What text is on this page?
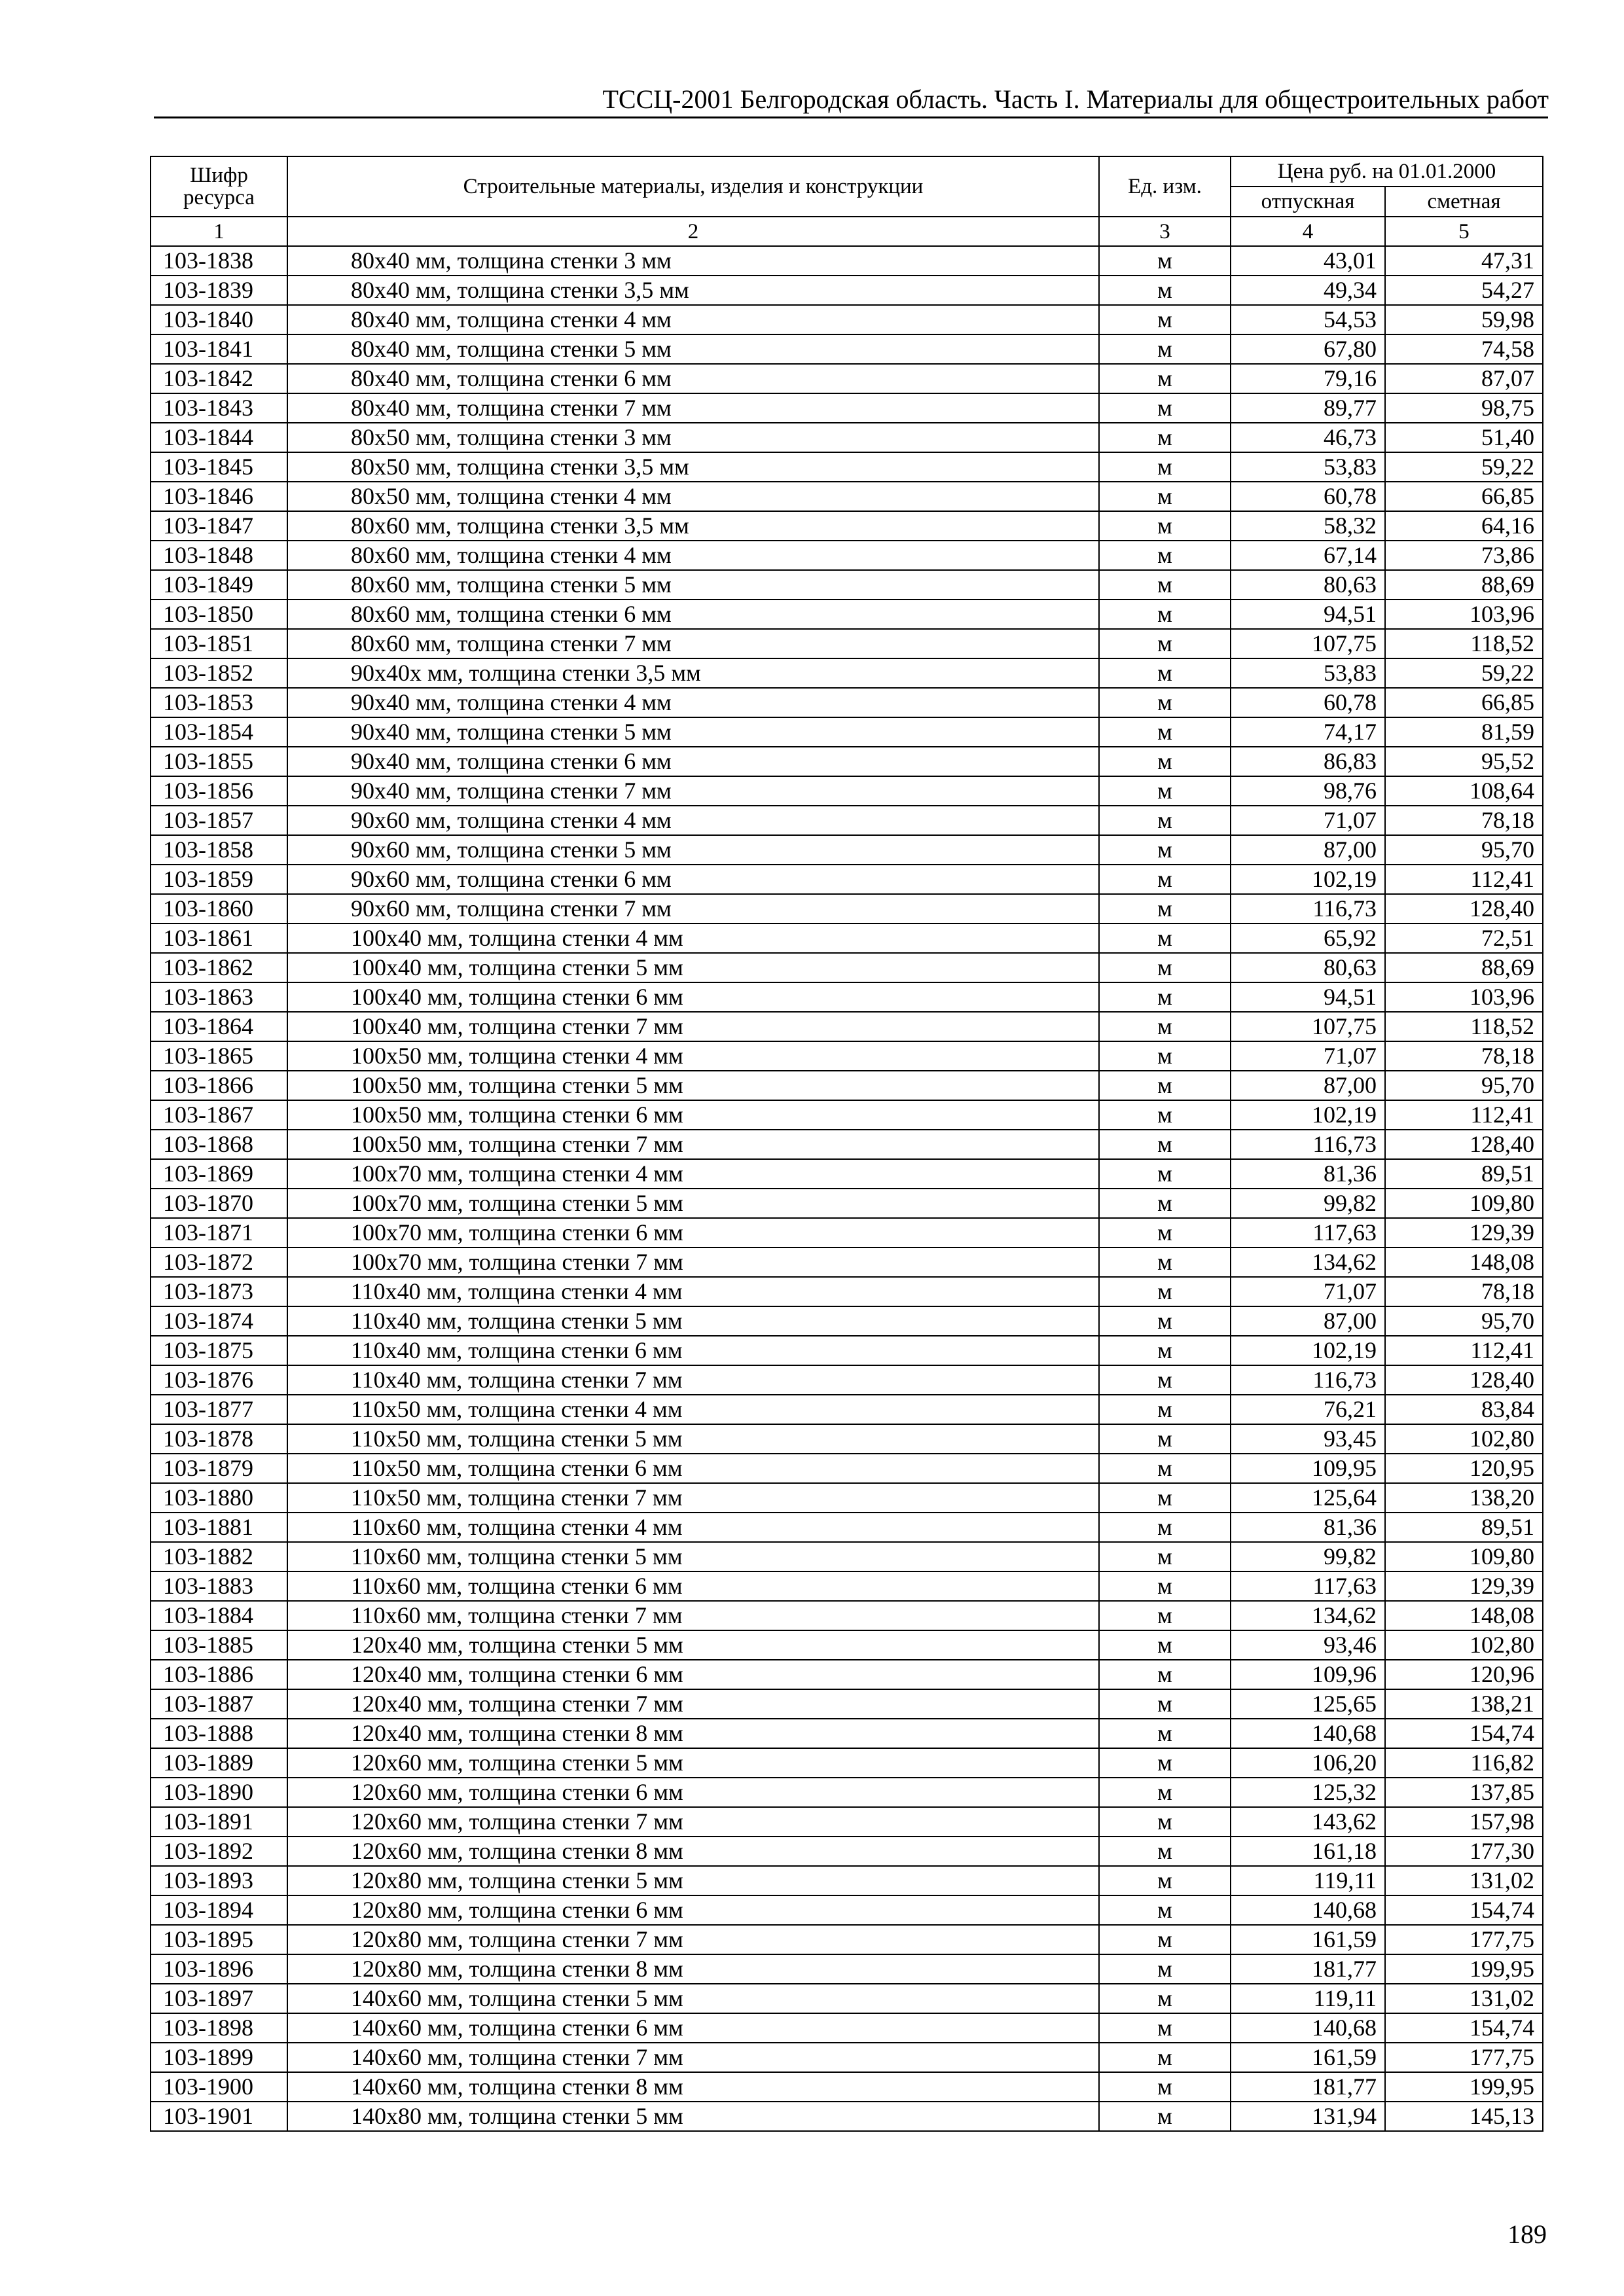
ТССЦ-2001 Белгородская область. Часть I. Материалы для общестроительных работ
Шифр ресурса	Строительные материалы, изделия и конструкции	Ед. изм.	Цена руб. на 01.01.2000	
			отпускная	сметная
1	2	3	4	5
103-1838	80х40 мм, толщина стенки 3 мм	м	43,01	47,31
103-1839	80х40 мм, толщина стенки 3,5 мм	м	49,34	54,27
103-1840	80х40 мм, толщина стенки 4 мм	м	54,53	59,98
103-1841	80х40 мм, толщина стенки 5 мм	м	67,80	74,58
103-1842	80х40 мм, толщина стенки 6 мм	м	79,16	87,07
103-1843	80х40 мм, толщина стенки 7 мм	м	89,77	98,75
103-1844	80х50 мм, толщина стенки 3 мм	м	46,73	51,40
103-1845	80х50 мм, толщина стенки 3,5 мм	м	53,83	59,22
103-1846	80х50 мм, толщина стенки 4 мм	м	60,78	66,85
103-1847	80х60 мм, толщина стенки 3,5 мм	м	58,32	64,16
103-1848	80х60 мм, толщина стенки 4 мм	м	67,14	73,86
103-1849	80х60 мм, толщина стенки 5 мм	м	80,63	88,69
103-1850	80х60 мм, толщина стенки 6 мм	м	94,51	103,96
103-1851	80х60 мм, толщина стенки 7 мм	м	107,75	118,52
103-1852	90х40х мм, толщина стенки 3,5 мм	м	53,83	59,22
103-1853	90х40 мм, толщина стенки 4 мм	м	60,78	66,85
103-1854	90х40 мм, толщина стенки 5 мм	м	74,17	81,59
103-1855	90х40 мм, толщина стенки 6 мм	м	86,83	95,52
103-1856	90х40 мм, толщина стенки 7 мм	м	98,76	108,64
103-1857	90х60 мм, толщина стенки 4 мм	м	71,07	78,18
103-1858	90х60 мм, толщина стенки 5 мм	м	87,00	95,70
103-1859	90х60 мм, толщина стенки 6 мм	м	102,19	112,41
103-1860	90х60 мм, толщина стенки 7 мм	м	116,73	128,40
103-1861	100х40 мм, толщина стенки 4 мм	м	65,92	72,51
103-1862	100х40 мм, толщина стенки 5 мм	м	80,63	88,69
103-1863	100х40 мм, толщина стенки 6 мм	м	94,51	103,96
103-1864	100х40 мм, толщина стенки 7 мм	м	107,75	118,52
103-1865	100х50 мм, толщина стенки 4 мм	м	71,07	78,18
103-1866	100х50 мм, толщина стенки 5 мм	м	87,00	95,70
103-1867	100х50 мм, толщина стенки 6 мм	м	102,19	112,41
103-1868	100х50 мм, толщина стенки 7 мм	м	116,73	128,40
103-1869	100х70 мм, толщина стенки 4 мм	м	81,36	89,51
103-1870	100х70 мм, толщина стенки 5 мм	м	99,82	109,80
103-1871	100х70 мм, толщина стенки 6 мм	м	117,63	129,39
103-1872	100х70 мм, толщина стенки 7 мм	м	134,62	148,08
103-1873	110х40 мм, толщина стенки 4 мм	м	71,07	78,18
103-1874	110х40 мм, толщина стенки 5 мм	м	87,00	95,70
103-1875	110х40 мм, толщина стенки 6 мм	м	102,19	112,41
103-1876	110х40 мм, толщина стенки 7 мм	м	116,73	128,40
103-1877	110х50 мм, толщина стенки 4 мм	м	76,21	83,84
103-1878	110х50 мм, толщина стенки 5 мм	м	93,45	102,80
103-1879	110х50 мм, толщина стенки 6 мм	м	109,95	120,95
103-1880	110х50 мм, толщина стенки 7 мм	м	125,64	138,20
103-1881	110х60 мм, толщина стенки 4 мм	м	81,36	89,51
103-1882	110х60 мм, толщина стенки 5 мм	м	99,82	109,80
103-1883	110х60 мм, толщина стенки 6 мм	м	117,63	129,39
103-1884	110х60 мм, толщина стенки 7 мм	м	134,62	148,08
103-1885	120х40 мм, толщина стенки 5 мм	м	93,46	102,80
103-1886	120х40 мм, толщина стенки 6 мм	м	109,96	120,96
103-1887	120х40 мм, толщина стенки 7 мм	м	125,65	138,21
103-1888	120х40 мм, толщина стенки 8 мм	м	140,68	154,74
103-1889	120х60 мм, толщина стенки 5 мм	м	106,20	116,82
103-1890	120х60 мм, толщина стенки 6 мм	м	125,32	137,85
103-1891	120х60 мм, толщина стенки 7 мм	м	143,62	157,98
103-1892	120х60 мм, толщина стенки 8 мм	м	161,18	177,30
103-1893	120х80 мм, толщина стенки 5 мм	м	119,11	131,02
103-1894	120х80 мм, толщина стенки 6 мм	м	140,68	154,74
103-1895	120х80 мм, толщина стенки 7 мм	м	161,59	177,75
103-1896	120х80 мм, толщина стенки 8 мм	м	181,77	199,95
103-1897	140х60 мм, толщина стенки 5 мм	м	119,11	131,02
103-1898	140х60 мм, толщина стенки 6 мм	м	140,68	154,74
103-1899	140х60 мм, толщина стенки 7 мм	м	161,59	177,75
103-1900	140х60 мм, толщина стенки 8 мм	м	181,77	199,95
103-1901	140х80 мм, толщина стенки 5 мм	м	131,94	145,13
189
